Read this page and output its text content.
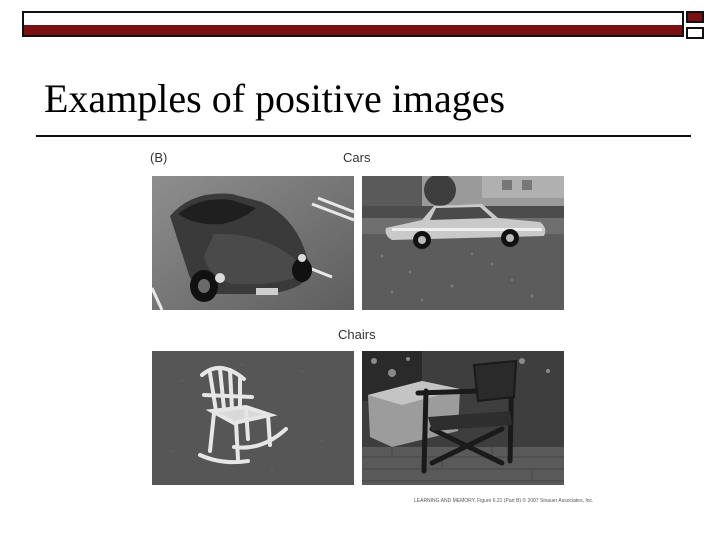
Examples of positive images
(B)	Cars
Chairs
LEARNING AND MEMORY, Figure 6.21 (Part B) © 2007 Sinauer Associates, Inc.
